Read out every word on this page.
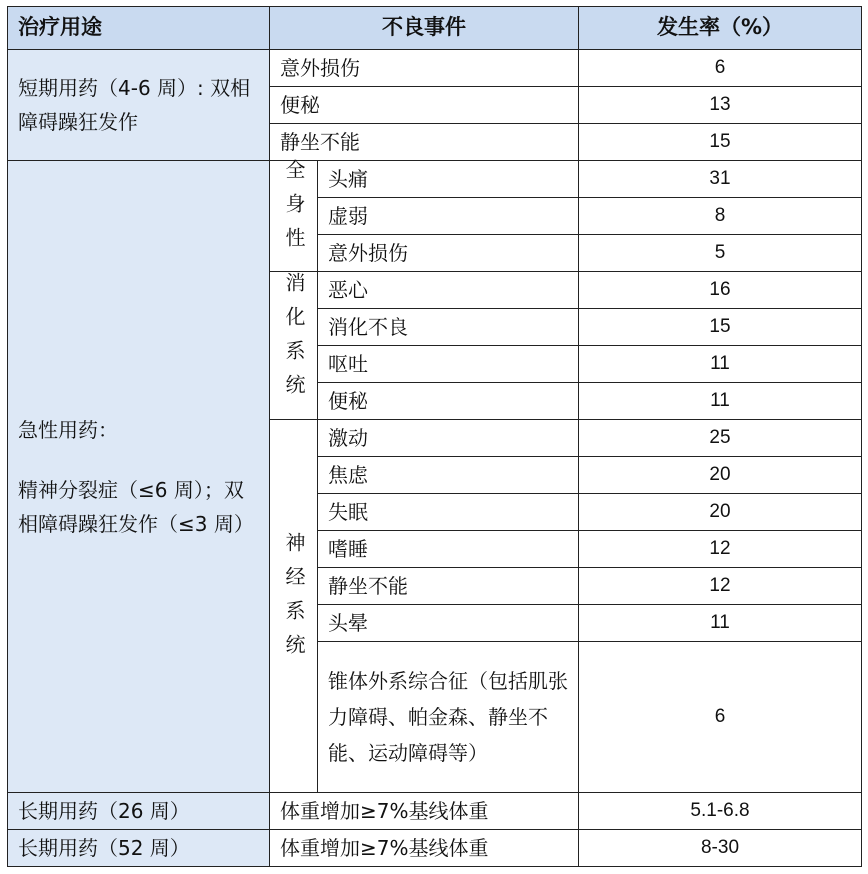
治疗用途	不良事件		发生率（%）
短期用药（4-6 周）: 双相障碍躁狂发作	意外损伤		6
	便秘		13
	静坐不能		15

急性用药：
精神分裂症（≤6 周）；双相障碍躁狂发作（≤3 周）	全身性	头痛	31
		虚弱	8
		意外损伤	5
	消化系统	恶心	16
		消化不良	15
		呕吐	11
		便秘	11
	神经系统	激动	25
		焦虑	20
		失眠	20
		嗜睡	12
		静坐不能	12
		头晕	11
		锥体外系综合征（包括肌张力障碍、帕金森、静坐不能、运动障碍等）	6
长期用药（26 周）	体重增加≥7%基线体重		5.1-6.8
长期用药（52 周）	体重增加≥7%基线体重		8-30
